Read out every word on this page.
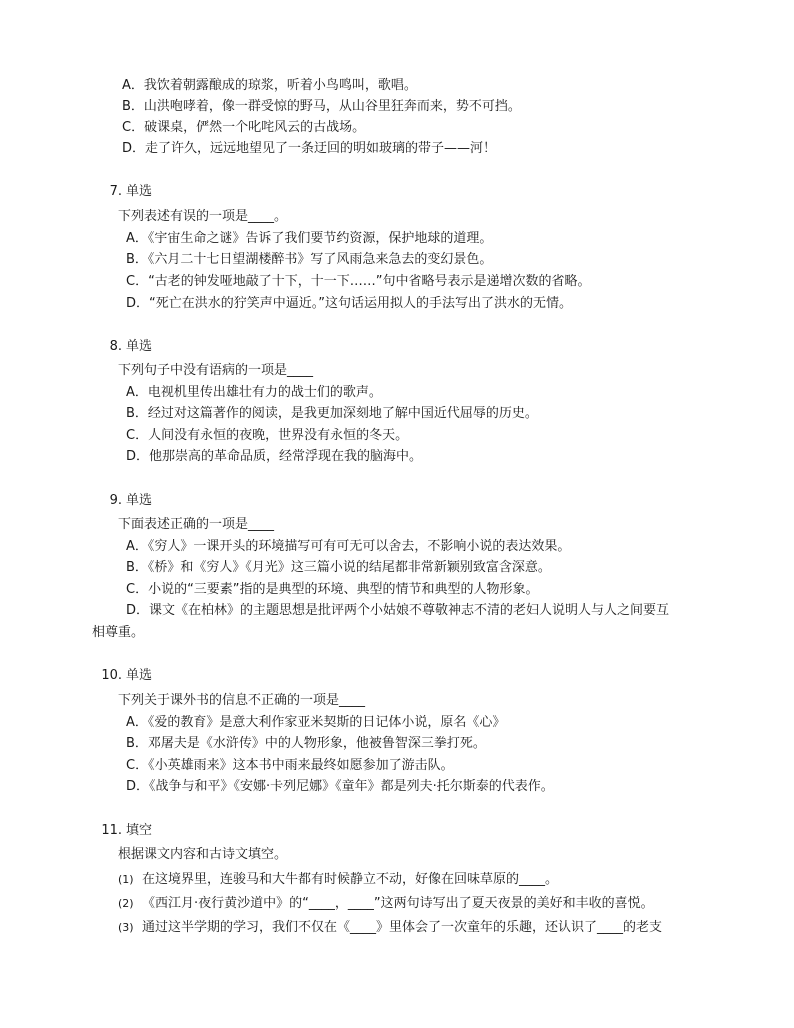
A．我饮着朝露酿成的琼浆，听着小鸟鸣叫，歌唱。
B．山洪咆哮着，像一群受惊的野马，从山谷里狂奔而来，势不可挡。
C．破课桌，俨然一个叱咤风云的古战场。
D．走了许久，远远地望见了一条迂回的明如玻璃的带子——河！
7. 单选
下列表述有误的一项是____。
A．《宇宙生命之谜》告诉了我们要节约资源，保护地球的道理。
B．《六月二十七日望湖楼醉书》写了风雨急来急去的变幻景色。
C．“古老的钟发哑地敲了十下，十一下……”句中省略号表示是递增次数的省略。
D．“死亡在洪水的狞笑声中逼近。”这句话运用拟人的手法写出了洪水的无情。
8. 单选
下列句子中没有语病的一项是____
A．电视机里传出雄壮有力的战士们的歌声。
B．经过对这篇著作的阅读，是我更加深刻地了解中国近代屈辱的历史。
C．人间没有永恒的夜晚，世界没有永恒的冬天。
D．他那崇高的革命品质，经常浮现在我的脑海中。
9. 单选
下面表述正确的一项是____
A．《穷人》一课开头的环境描写可有可无可以舍去，不影响小说的表达效果。
B．《桥》和《穷人》《月光》这三篇小说的结尾都非常新颖别致富含深意。
C．小说的“三要素”指的是典型的环境、典型的情节和典型的人物形象。
D．课文《在柏林》的主题思想是批评两个小姑娘不尊敬神志不清的老妇人说明人与人之间要互
相尊重。
10. 单选
下列关于课外书的信息不正确的一项是____
A．《爱的教育》是意大利作家亚米契斯的日记体小说，原名《心》
B．邓屠夫是《水浒传》中的人物形象，他被鲁智深三拳打死。
C．《小英雄雨来》这本书中雨来最终如愿参加了游击队。
D．《战争与和平》《安娜·卡列尼娜》《童年》都是列夫·托尔斯泰的代表作。
11. 填空
根据课文内容和古诗文填空。
(1) 在这境界里，连骏马和大牛都有时候静立不动，好像在回味草原的____。
(2) 《西江月·夜行黄沙道中》的“____，____”这两句诗写出了夏天夜景的美好和丰收的喜悦。
(3) 通过这半学期的学习，我们不仅在《____》里体会了一次童年的乐趣，还认识了____的老支
